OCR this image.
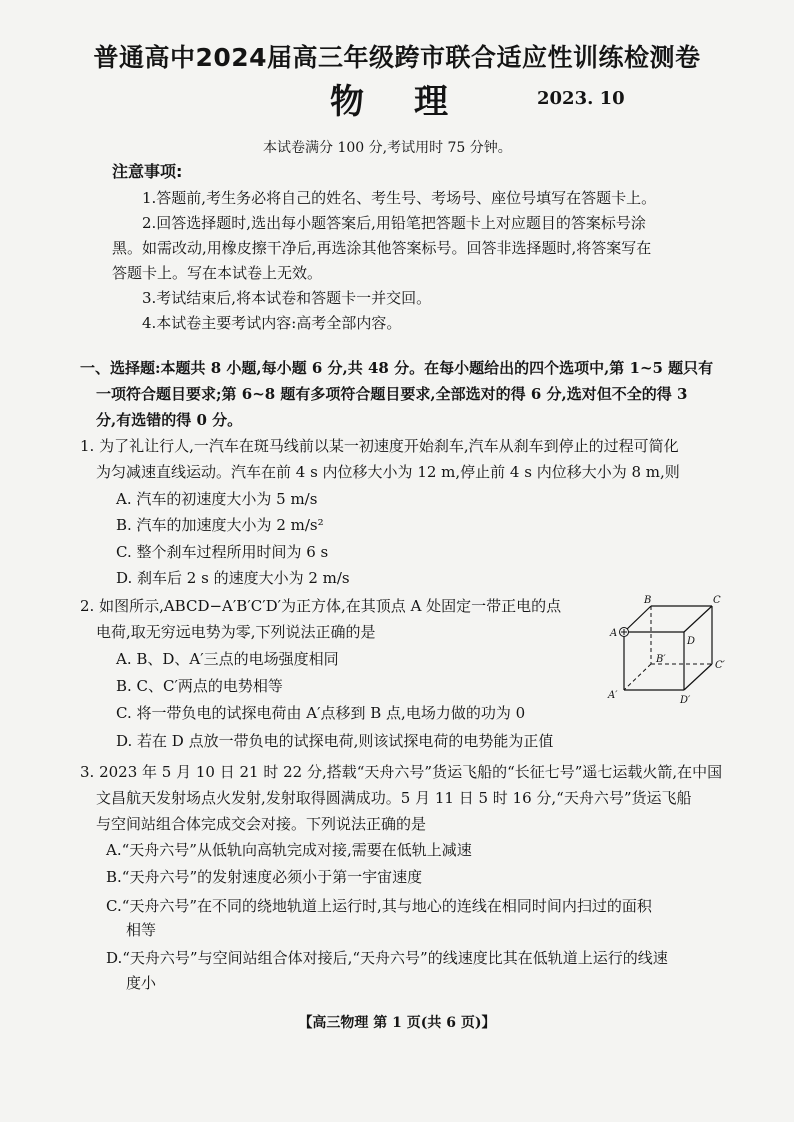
普通高中2024届高三年级跨市联合适应性训练检测卷
物理 2023. 10
本试卷满分 100 分,考试用时 75 分钟。
注意事项:
1.答题前,考生务必将自己的姓名、考生号、考场号、座位号填写在答题卡上。
2.回答选择题时,选出每小题答案后,用铅笔把答题卡上对应题目的答案标号涂
黑。如需改动,用橡皮擦干净后,再选涂其他答案标号。回答非选择题时,将答案写在
答题卡上。写在本试卷上无效。
3.考试结束后,将本试卷和答题卡一并交回。
4.本试卷主要考试内容:高考全部内容。
一、选择题:本题共 8 小题,每小题 6 分,共 48 分。在每小题给出的四个选项中,第 1~5 题只有
一项符合题目要求;第 6~8 题有多项符合题目要求,全部选对的得 6 分,选对但不全的得 3
分,有选错的得 0 分。
1. 为了礼让行人,一汽车在斑马线前以某一初速度开始刹车,汽车从刹车到停止的过程可简化
为匀减速直线运动。汽车在前 4 s 内位移大小为 12 m,停止前 4 s 内位移大小为 8 m,则
A. 汽车的初速度大小为 5 m/s
B. 汽车的加速度大小为 2 m/s²
C. 整个刹车过程所用时间为 6 s
D. 刹车后 2 s 的速度大小为 2 m/s
2. 如图所示,ABCD−A′B′C′D′为正方体,在其顶点 A 处固定一带正电的点
电荷,取无穷远电势为零,下列说法正确的是
A. B、D、A′三点的电场强度相同
B. C、C′两点的电势相等
C. 将一带负电的试探电荷由 A′点移到 B 点,电场力做的功为 0
D. 若在 D 点放一带负电的试探电荷,则该试探电荷的电势能为正值
B	C
A
D
B′
C′
A′	D′
3. 2023 年 5 月 10 日 21 时 22 分,搭载“天舟六号”货运飞船的“长征七号”遥七运载火箭,在中国
文昌航天发射场点火发射,发射取得圆满成功。5 月 11 日 5 时 16 分,“天舟六号”货运飞船
与空间站组合体完成交会对接。下列说法正确的是
A.“天舟六号”从低轨向高轨完成对接,需要在低轨上减速
B.“天舟六号”的发射速度必须小于第一宇宙速度
C.“天舟六号”在不同的绕地轨道上运行时,其与地心的连线在相同时间内扫过的面积
相等
D.“天舟六号”与空间站组合体对接后,“天舟六号”的线速度比其在低轨道上运行的线速
度小
【高三物理 第 1 页(共 6 页)】
